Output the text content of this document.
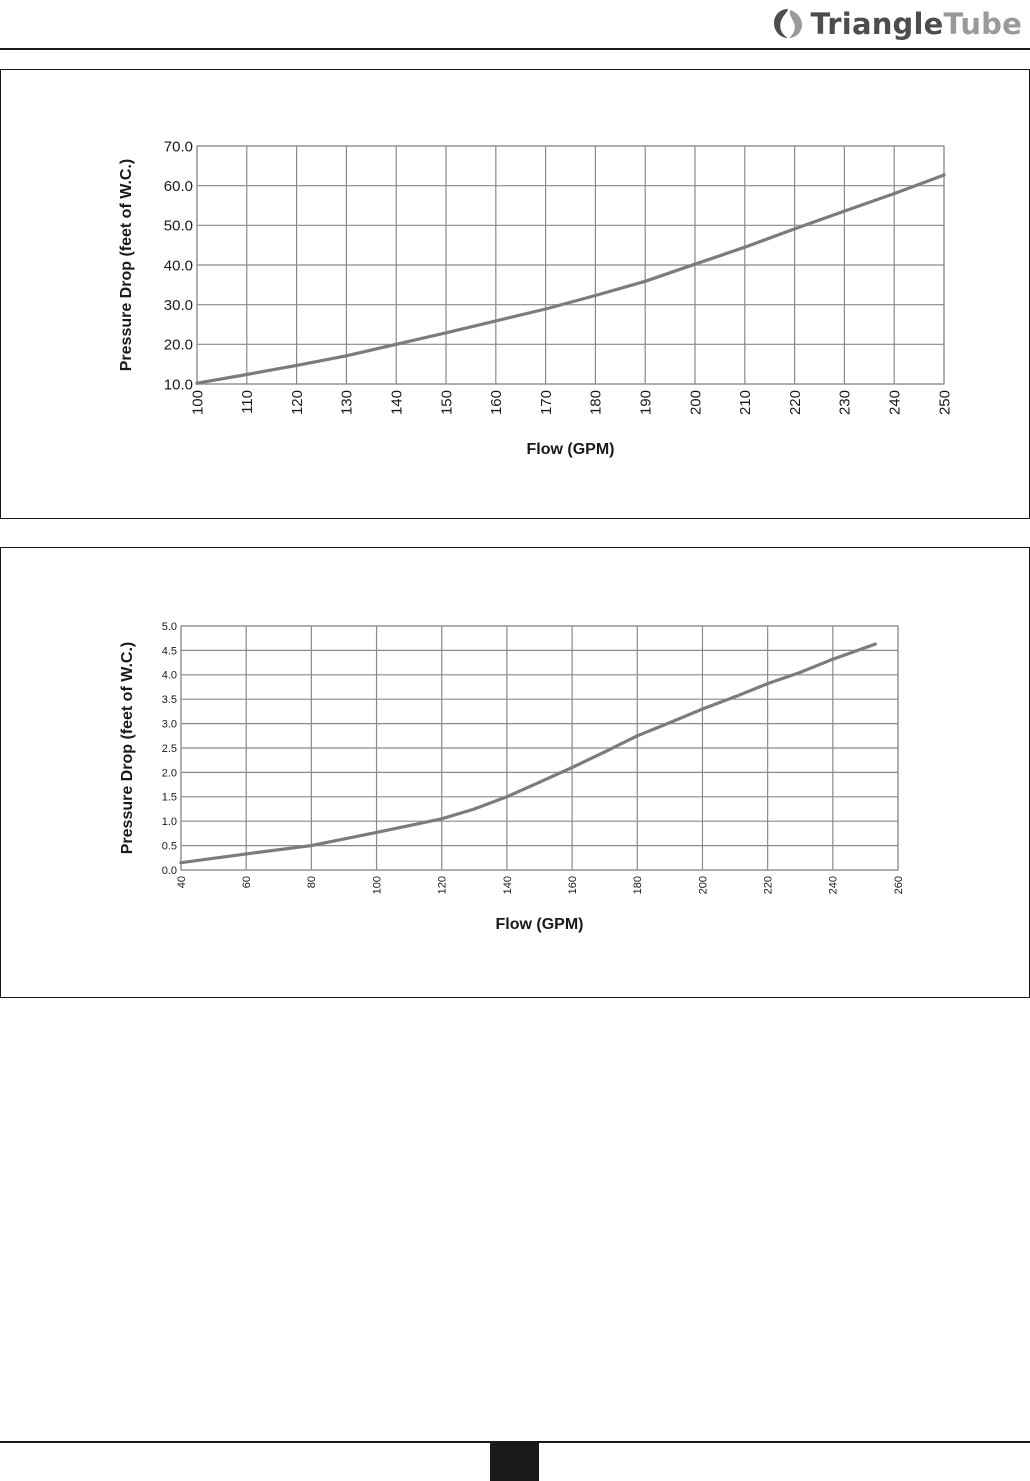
TriangleTube
10.0
20.0
30.0
40.0
50.0
60.0
70.0
100 110 120 130 140 150 160 170 180 190 200 210 220 230 240 250
Flow (GPM)
Pressure Drop (feet of W.C.)
0.0
0.5
1.0
1.5
2.0
2.5
3.0
3.5
4.0
4.5
5.0
40	60	80	100	120	140	160	180	200	220	240	260
Flow (GPM)
Pressure Drop (feet of W.C.)
